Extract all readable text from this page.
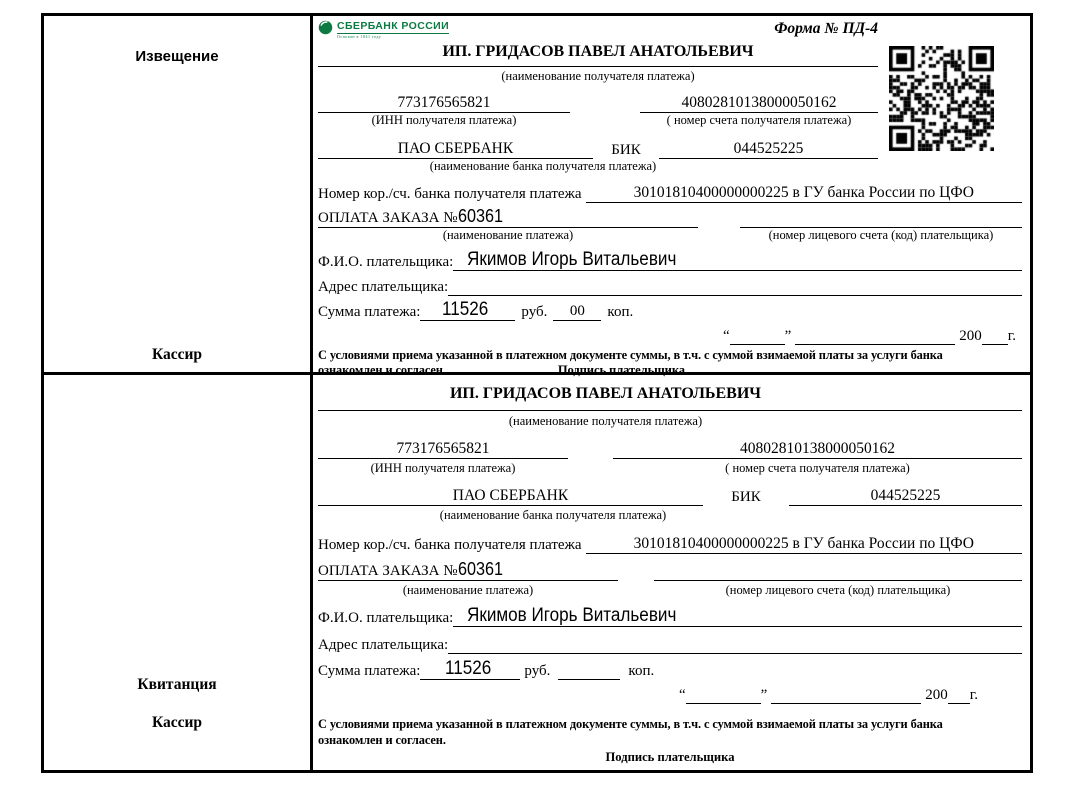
Извещение
Кассир
СБЕРБАНК РОССИИ
Основан в 1841 году	Форма № ПД-4
ИП. ГРИДАСОВ ПАВЕЛ АНАТОЛЬЕВИЧ
(наименование получателя платежа)
773176565821	40802810138000050162
(ИНН получателя платежа)	( номер счета получателя платежа)
ПАО СБЕРБАНК	БИК	044525225
(наименование банка получателя платежа)
Номер кор./сч. банка получателя платежа	30101810400000000225 в ГУ банка России по ЦФО
ОПЛАТА ЗАКАЗА №60361
(наименование платежа)	(номер лицевого счета (код) плательщика)
Ф.И.О. плательщика: Якимов Игорь Витальевич
Адрес плательщика:
Сумма платежа:	11526	руб.	00	коп.
“	”	200 г.
С условиями приема указанной в платежном документе суммы, в т.ч. с суммой взимаемой платы за услуги банка
ознакомлен и согласен.	Подпись плательщика
Квитанция
Кассир
ИП. ГРИДАСОВ ПАВЕЛ АНАТОЛЬЕВИЧ
(наименование получателя платежа)
773176565821	40802810138000050162
(ИНН получателя платежа)	( номер счета получателя платежа)
ПАО СБЕРБАНК	БИК	044525225
(наименование банка получателя платежа)
Номер кор./сч. банка получателя платежа	30101810400000000225 в ГУ банка России по ЦФО
ОПЛАТА ЗАКАЗА №60361
(наименование платежа)	(номер лицевого счета (код) плательщика)
Ф.И.О. плательщика: Якимов Игорь Витальевич
Адрес плательщика:
Сумма платежа:	11526	руб.	коп.
“	”	200 г.
С условиями приема указанной в платежном документе суммы, в т.ч. с суммой взимаемой платы за услуги банка
ознакомлен и согласен.
Подпись плательщика
